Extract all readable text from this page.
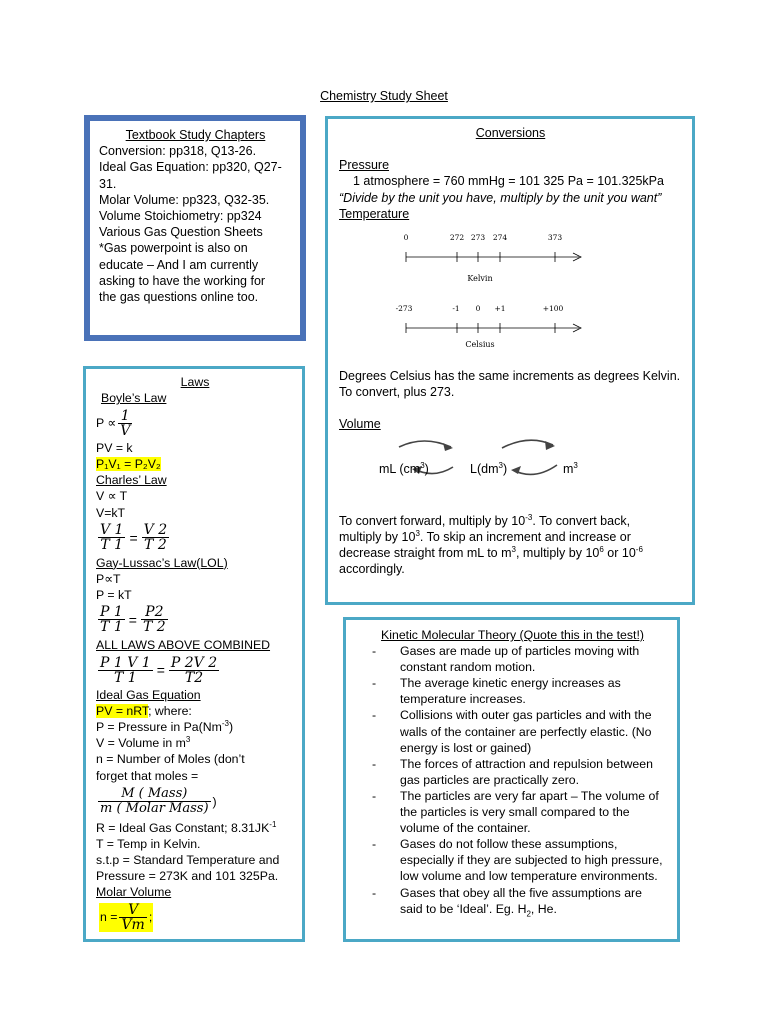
Chemistry Study Sheet
Textbook Study Chapters
Conversion: pp318, Q13-26.
Ideal Gas Equation: pp320, Q27-
31.
Molar Volume: pp323, Q32-35.
Volume Stoichiometry: pp324
Various Gas Question Sheets
*Gas powerpoint is also on
educate – And I am currently
asking to have the working for
the gas questions online too.
Conversions
Pressure
1 atmosphere = 760 mmHg = 101 325 Pa = 101.325kPa
“Divide by the unit you have, multiply by the unit you want”
Temperature
0	272 273 274	373
Kelvin
-273	-1 0 +1	+100
Celsius
Degrees Celsius has the same increments as degrees Kelvin.
To convert, plus 273.
Volume
mL $(cm^3)$	$L(dm^3)$	$m^3$
To convert forward, multiply by $10^{-3}$. To convert back,
multiply by $10^3$. To skip an increment and increase or
decrease straight from mL to $m^3$, multiply by $10^6$ or $10^{-6}$
accordingly.
Laws
Boyle’s Law
$P \propto \frac{1}{V}$
PV = k
P₁V₁ = P₂V₂
Charles’ Law
V ∝ T
V=kT
$\frac{V 1}{T 1} = \frac{V 2}{T 2}$
Gay-Lussac’s Law(LOL)
P∝T
P = kT
$\frac{P 1}{T 1} = \frac{P2}{T 2}$
ALL LAWS ABOVE COMBINED
$\frac{P 1 V 1}{T 1} = \frac{P 2V 2}{T2}$
Ideal Gas Equation
PV = nRT; where:
P = Pressure in $Pa(Nm^{-3})$
V = Volume in $m^3$
n = Number of Moles (don’t
forget that moles =
$\frac{\text{M ( Mass)}}{\text{m ( Molar Mass)}}$ )
R = Ideal Gas Constant; $8.31JK^{-1}$
T = Temp in Kelvin.
s.t.p = Standard Temperature and
Pressure = 273K and 101 325Pa.
Molar Volume
$n = \frac{V}{Vm}$ ;
Kinetic Molecular Theory (Quote this in the test!)
- Gases are made up of particles moving with constant random motion.
- The average kinetic energy increases as temperature increases.
- Collisions with outer gas particles and with the walls of the container are perfectly elastic. (No energy is lost or gained)
- The forces of attraction and repulsion between gas particles are practically zero.
- The particles are very far apart – The volume of the particles is very small compared to the volume of the container.
- Gases do not follow these assumptions, especially if they are subjected to high pressure, low volume and low temperature environments.
- Gases that obey all the five assumptions are
said to be ‘Ideal’. Eg. $H_2$, He.
